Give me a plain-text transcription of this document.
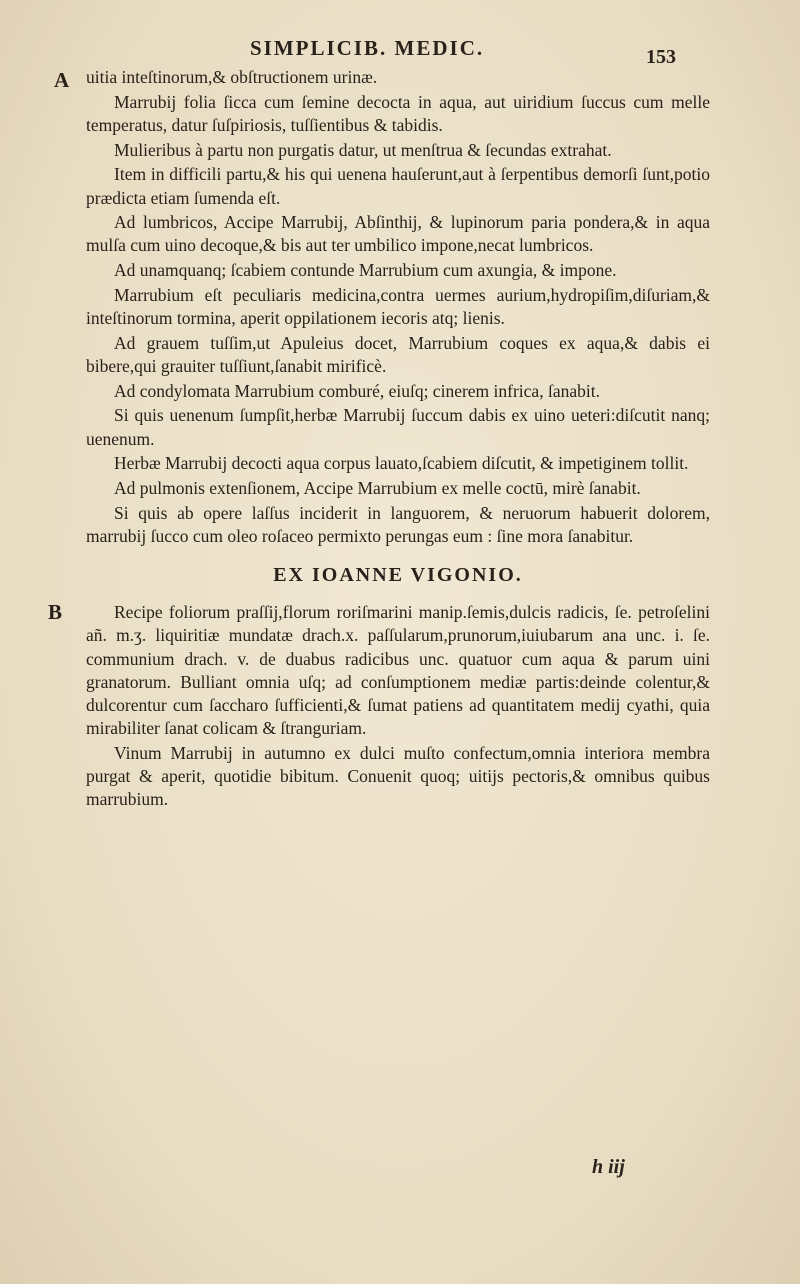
SIMPLICIB. MEDIC.	153
A
B

uitia inteſtinorum,& obſtructionem urinæ.

Marrubij folia ſicca cum ſemine decocta in aqua, aut uiridium ſuccus cum melle temperatus, datur ſuſpiriosis, tuſſientibus & tabidis.

Mulieribus à partu non purgatis datur, ut menſtrua & ſecundas extrahat.

Item in difficili partu,& his qui uenena hauſerunt,aut à ſerpentibus demorſi ſunt,potio prædicta etiam ſumenda eſt.

Ad lumbricos, Accipe Marrubij, Abſinthij, & lupinorum paria pondera,& in aqua mulſa cum uino decoque,& bis aut ter umbilico impone,necat lumbricos.

Ad unamquanq; ſcabiem contunde Marrubium cum axungia, & impone.

Marrubium eſt peculiaris medicina,contra uermes aurium,hydropiſim,diſuriam,& inteſtinorum tormina, aperit oppilationem iecoris atq; lienis.

Ad grauem tuſſim,ut Apuleius docet, Marrubium coques ex aqua,& dabis ei bibere,qui grauiter tuſſiunt,ſanabit mirificè.

Ad condylomata Marrubium comburé, eiuſq; cinerem infrica, ſanabit.

Si quis uenenum ſumpſit,herbæ Marrubij ſuccum dabis ex uino ueteri:diſcutit nanq; uenenum.

Herbæ Marrubij decocti aqua corpus lauato,ſcabiem diſcutit, & impetiginem tollit.

Ad pulmonis extenſionem, Accipe Marrubium ex melle coctū, mirè ſanabit.

Si quis ab opere laſſus inciderit in languorem, & neruorum habuerit dolorem, marrubij ſucco cum oleo roſaceo permixto perungas eum : ſine mora ſanabitur.

EX IOANNE VIGONIO.

Recipe foliorum praſſij,florum roriſmarini manip.ſemis,dulcis radicis, ſe. petroſelini añ. m.ʒ. liquiritiæ mundatæ drach.x. paſſularum,prunorum,iuiubarum ana unc. i. ſe. communium drach. v. de duabus radicibus unc. quatuor cum aqua & parum uini granatorum. Bulliant omnia uſq; ad conſumptionem mediæ partis:deinde colentur,& dulcorentur cum ſaccharo ſufficienti,& ſumat patiens ad quantitatem medij cyathi, quia mirabiliter ſanat colicam & ſtranguriam.

Vinum Marrubij in autumno ex dulci muſto confectum,omnia interiora membra purgat & aperit, quotidie bibitum. Conuenit quoq; uitijs pectoris,& omnibus quibus marrubium.

h iij
